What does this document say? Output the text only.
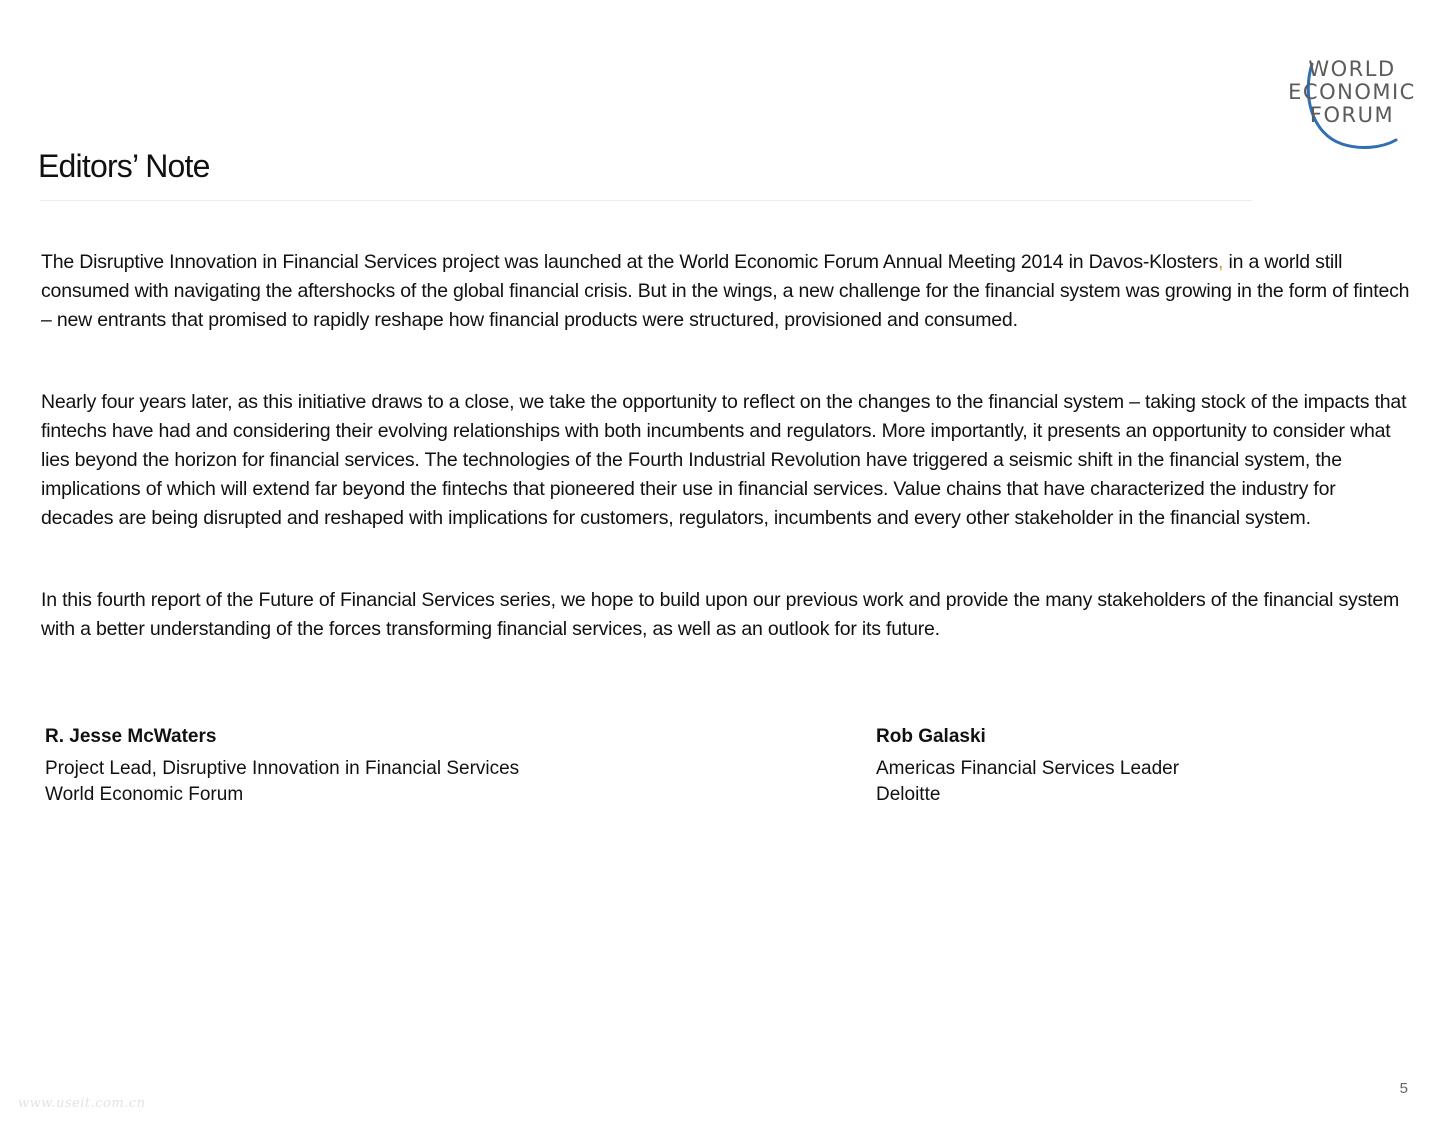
WORLD
ECONOMIC
FORUM
Editors’ Note

The Disruptive Innovation in Financial Services project was launched at the World Economic Forum Annual Meeting 2014 in Davos-Klosters, in a world still consumed with navigating the aftershocks of the global financial crisis. But in the wings, a new challenge for the financial system was growing in the form of fintech – new entrants that promised to rapidly reshape how financial products were structured, provisioned and consumed.

Nearly four years later, as this initiative draws to a close, we take the opportunity to reflect on the changes to the financial system – taking stock of the impacts that fintechs have had and considering their evolving relationships with both incumbents and regulators. More importantly, it presents an opportunity to consider what lies beyond the horizon for financial services. The technologies of the Fourth Industrial Revolution have triggered a seismic shift in the financial system, the implications of which will extend far beyond the fintechs that pioneered their use in financial services. Value chains that have characterized the industry for decades are being disrupted and reshaped with implications for customers, regulators, incumbents and every other stakeholder in the financial system.

In this fourth report of the Future of Financial Services series, we hope to build upon our previous work and provide the many stakeholders of the financial system with a better understanding of the forces transforming financial services, as well as an outlook for its future.

R. Jesse McWaters
Project Lead, Disruptive Innovation in Financial Services
World Economic Forum
Rob Galaski
Americas Financial Services Leader
Deloitte
5
www.useit.com.cn
